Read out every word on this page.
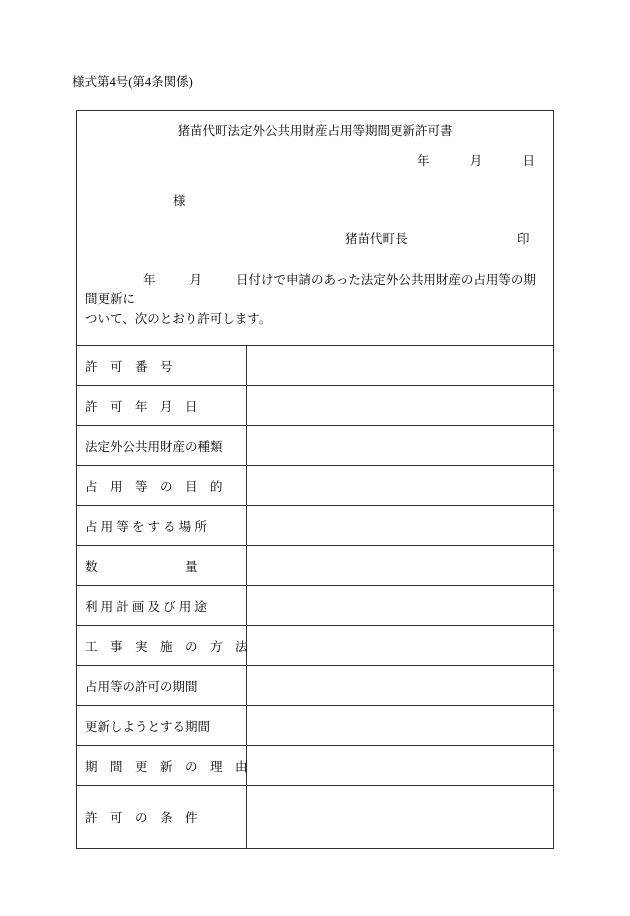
様式第4号(第4条関係)
猪苗代町法定外公共用財産占用等期間更新許可書
年	月	日
様
猪苗代町長	印
年	月	日付けで申請のあった法定外公共用財産の占用等の期間更新に
ついて、次のとおり許可します。
許　可　番　号	
許　可　年　月　日	
法定外公共用財産の種類	
占　用　等　の　目　的	
占 用 等 を す る 場 所	
数　　　　　　　量	
利 用 計 画 及 び 用 途	
工　事　実　施　の　方　法	
占用等の許可の期間	
更新しようとする期間	
期　間　更　新　の　理　由	
許　可　の　条　件	
